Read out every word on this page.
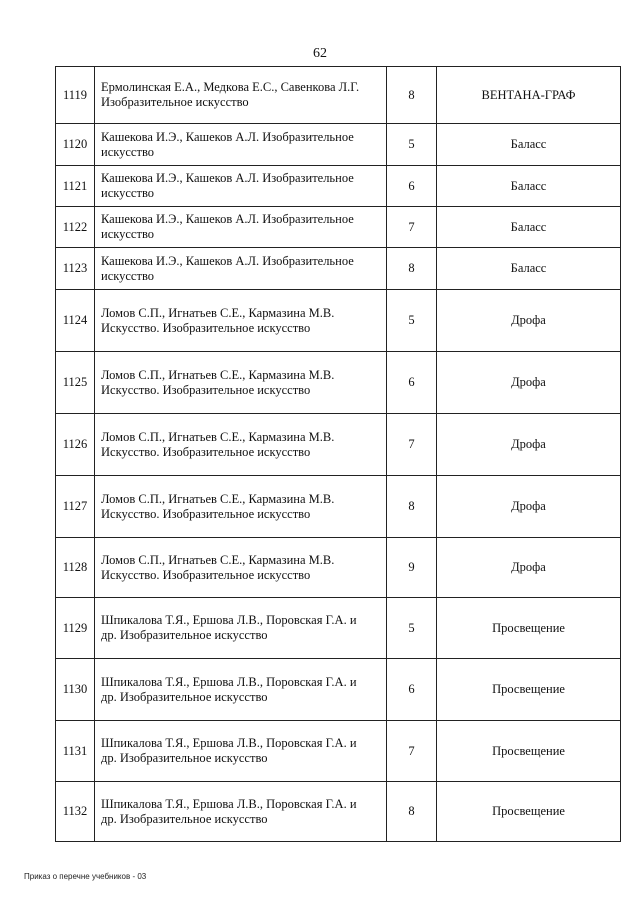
62
1119	Ермолинская Е.А., Медкова Е.С., Савенкова Л.Г.
Изобразительное искусство	8	ВЕНТАНА-ГРАФ
1120	Кашекова И.Э., Кашеков А.Л. Изобразительное
искусство	5	Баласс
1121	Кашекова И.Э., Кашеков А.Л. Изобразительное
искусство	6	Баласс
1122	Кашекова И.Э., Кашеков А.Л. Изобразительное
искусство	7	Баласс
1123	Кашекова И.Э., Кашеков А.Л. Изобразительное
искусство	8	Баласс
1124	Ломов С.П., Игнатьев С.Е., Кармазина М.В.
Искусство. Изобразительное искусство	5	Дрофа
1125	Ломов С.П., Игнатьев С.Е., Кармазина М.В.
Искусство. Изобразительное искусство	6	Дрофа
1126	Ломов С.П., Игнатьев С.Е., Кармазина М.В.
Искусство. Изобразительное искусство	7	Дрофа
1127	Ломов С.П., Игнатьев С.Е., Кармазина М.В.
Искусство. Изобразительное искусство	8	Дрофа
1128	Ломов С.П., Игнатьев С.Е., Кармазина М.В.
Искусство. Изобразительное искусство	9	Дрофа
1129	Шпикалова Т.Я., Ершова Л.В., Поровская Г.А. и
др. Изобразительное искусство	5	Просвещение
1130	Шпикалова Т.Я., Ершова Л.В., Поровская Г.А. и
др. Изобразительное искусство	6	Просвещение
1131	Шпикалова Т.Я., Ершова Л.В., Поровская Г.А. и
др. Изобразительное искусство	7	Просвещение
1132	Шпикалова Т.Я., Ершова Л.В., Поровская Г.А. и
др. Изобразительное искусство	8	Просвещение
Приказ о перечне учебников - 03
